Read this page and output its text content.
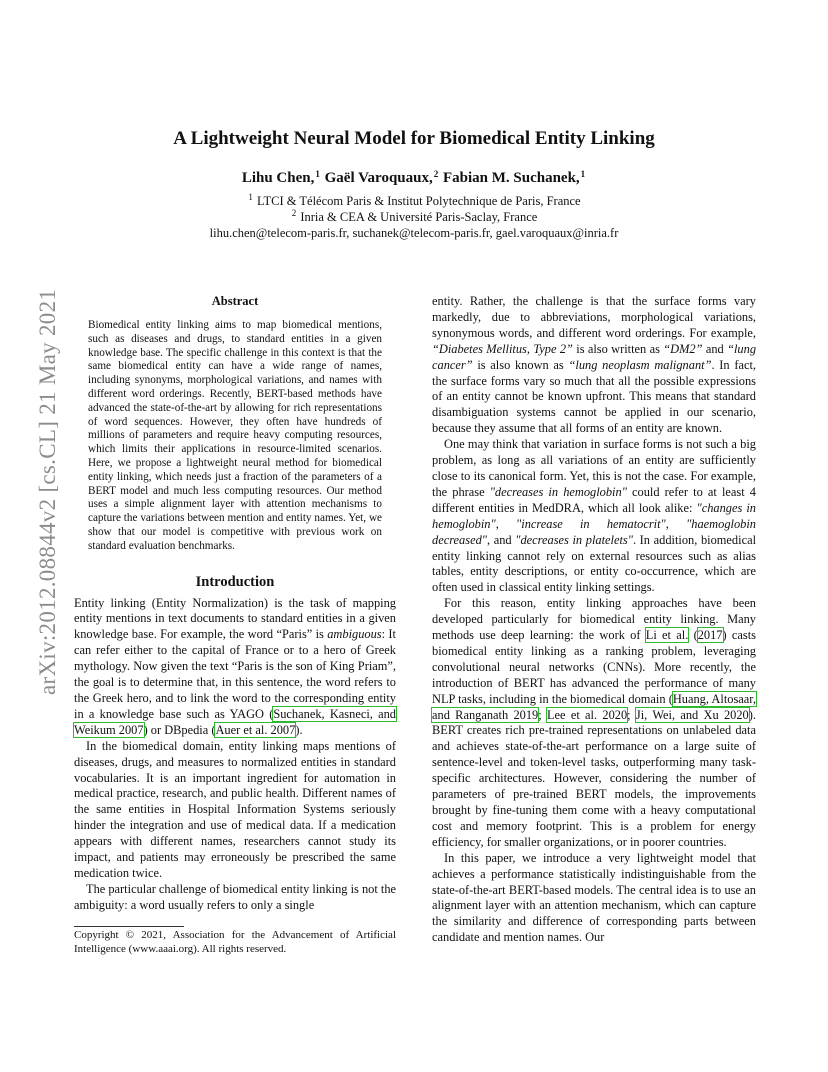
arXiv:2012.08844v2 [cs.CL] 21 May 2021
A Lightweight Neural Model for Biomedical Entity Linking
Lihu Chen,$^1$ Gaël Varoquaux,$^2$ Fabian M. Suchanek,$^1$
$^1$ LTCI & Télécom Paris & Institut Polytechnique de Paris, France
$^2$ Inria & CEA & Université Paris-Saclay, France
lihu.chen@telecom-paris.fr, suchanek@telecom-paris.fr, gael.varoquaux@inria.fr
Abstract

Biomedical entity linking aims to map biomedical mentions, such as diseases and drugs, to standard entities in a given knowledge base. The specific challenge in this context is that the same biomedical entity can have a wide range of names, including synonyms, morphological variations, and names with different word orderings. Recently, BERT-based methods have advanced the state-of-the-art by allowing for rich representations of word sequences. However, they often have hundreds of millions of parameters and require heavy computing resources, which limits their applications in resource-limited scenarios. Here, we propose a lightweight neural method for biomedical entity linking, which needs just a fraction of the parameters of a BERT model and much less computing resources. Our method uses a simple alignment layer with attention mechanisms to capture the variations between mention and entity names. Yet, we show that our model is competitive with previous work on standard evaluation benchmarks.

Introduction

Entity linking (Entity Normalization) is the task of mapping entity mentions in text documents to standard entities in a given knowledge base. For example, the word “Paris” is ambiguous: It can refer either to the capital of France or to a hero of Greek mythology. Now given the text “Paris is the son of King Priam”, the goal is to determine that, in this sentence, the word refers to the Greek hero, and to link the word to the corresponding entity in a knowledge base such as YAGO (Suchanek, Kasneci, and Weikum 2007) or DBpedia (Auer et al. 2007).

In the biomedical domain, entity linking maps mentions of diseases, drugs, and measures to normalized entities in standard vocabularies. It is an important ingredient for automation in medical practice, research, and public health. Different names of the same entities in Hospital Information Systems seriously hinder the integration and use of medical data. If a medication appears with different names, researchers cannot study its impact, and patients may erroneously be prescribed the same medication twice.

The particular challenge of biomedical entity linking is not the ambiguity: a word usually refers to only a single

Copyright © 2021, Association for the Advancement of Artificial Intelligence (www.aaai.org). All rights reserved.

entity. Rather, the challenge is that the surface forms vary markedly, due to abbreviations, morphological variations, synonymous words, and different word orderings. For example, “Diabetes Mellitus, Type 2” is also written as “DM2” and “lung cancer” is also known as “lung neoplasm malignant”. In fact, the surface forms vary so much that all the possible expressions of an entity cannot be known upfront. This means that standard disambiguation systems cannot be applied in our scenario, because they assume that all forms of an entity are known.

One may think that variation in surface forms is not such a big problem, as long as all variations of an entity are sufficiently close to its canonical form. Yet, this is not the case. For example, the phrase "decreases in hemoglobin" could refer to at least 4 different entities in MedDRA, which all look alike: "changes in hemoglobin", "increase in hematocrit", "haemoglobin decreased", and "decreases in platelets". In addition, biomedical entity linking cannot rely on external resources such as alias tables, entity descriptions, or entity co-occurrence, which are often used in classical entity linking settings.

For this reason, entity linking approaches have been developed particularly for biomedical entity linking. Many methods use deep learning: the work of Li et al. (2017) casts biomedical entity linking as a ranking problem, leveraging convolutional neural networks (CNNs). More recently, the introduction of BERT has advanced the performance of many NLP tasks, including in the biomedical domain (Huang, Altosaar, and Ranganath 2019; Lee et al. 2020; Ji, Wei, and Xu 2020). BERT creates rich pre-trained representations on unlabeled data and achieves state-of-the-art performance on a large suite of sentence-level and token-level tasks, outperforming many task-specific architectures. However, considering the number of parameters of pre-trained BERT models, the improvements brought by fine-tuning them come with a heavy computational cost and memory footprint. This is a problem for energy efficiency, for smaller organizations, or in poorer countries.

In this paper, we introduce a very lightweight model that achieves a performance statistically indistinguishable from the state-of-the-art BERT-based models. The central idea is to use an alignment layer with an attention mechanism, which can capture the similarity and difference of corresponding parts between candidate and mention names. Our
